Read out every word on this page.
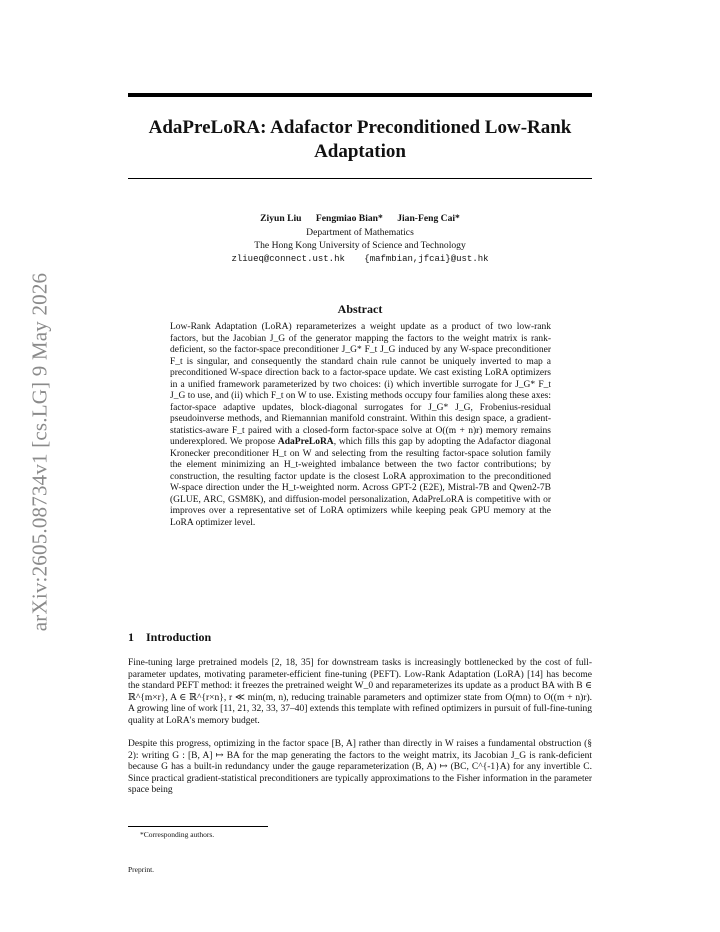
arXiv:2605.08734v1 [cs.LG] 9 May 2026
AdaPreLoRA: Adafactor Preconditioned Low-Rank Adaptation
Ziyun Liu Fengmiao Bian* Jian-Feng Cai*
Department of Mathematics
The Hong Kong University of Science and Technology
zliueq@connect.ust.hk {mafmbian,jfcai}@ust.hk
Abstract

Low-Rank Adaptation (LoRA) reparameterizes a weight update as a product of two low-rank factors, but the Jacobian J_G of the generator mapping the factors to the weight matrix is rank-deficient, so the factor-space preconditioner J_G* F_t J_G induced by any W-space preconditioner F_t is singular, and consequently the standard chain rule cannot be uniquely inverted to map a preconditioned W-space direction back to a factor-space update. We cast existing LoRA optimizers in a unified framework parameterized by two choices: (i) which invertible surrogate for J_G* F_t J_G to use, and (ii) which F_t on W to use. Existing methods occupy four families along these axes: factor-space adaptive updates, block-diagonal surrogates for J_G* J_G, Frobenius-residual pseudoinverse methods, and Riemannian manifold constraint. Within this design space, a gradient-statistics-aware F_t paired with a closed-form factor-space solve at O((m + n)r) memory remains underexplored. We propose AdaPreLoRA, which fills this gap by adopting the Adafactor diagonal Kronecker preconditioner H_t on W and selecting from the resulting factor-space solution family the element minimizing an H_t-weighted imbalance between the two factor contributions; by construction, the resulting factor update is the closest LoRA approximation to the preconditioned W-space direction under the H_t-weighted norm. Across GPT-2 (E2E), Mistral-7B and Qwen2-7B (GLUE, ARC, GSM8K), and diffusion-model personalization, AdaPreLoRA is competitive with or improves over a representative set of LoRA optimizers while keeping peak GPU memory at the LoRA optimizer level.

1 Introduction

Fine-tuning large pretrained models [2, 18, 35] for downstream tasks is increasingly bottlenecked by the cost of full-parameter updates, motivating parameter-efficient fine-tuning (PEFT). Low-Rank Adaptation (LoRA) [14] has become the standard PEFT method: it freezes the pretrained weight W_0 and reparameterizes its update as a product BA with B ∈ ℝ^{m×r}, A ∈ ℝ^{r×n}, r ≪ min(m, n), reducing trainable parameters and optimizer state from O(mn) to O((m + n)r). A growing line of work [11, 21, 32, 33, 37–40] extends this template with refined optimizers in pursuit of full-fine-tuning quality at LoRA's memory budget.

Despite this progress, optimizing in the factor space [B, A] rather than directly in W raises a fundamental obstruction (§ 2): writing G : [B, A] ↦ BA for the map generating the factors to the weight matrix, its Jacobian J_G is rank-deficient because G has a built-in redundancy under the gauge reparameterization (B, A) ↦ (BC, C^{-1}A) for any invertible C. Since practical gradient-statistical preconditioners are typically approximations to the Fisher information in the parameter space being

*Corresponding authors.
Preprint.
